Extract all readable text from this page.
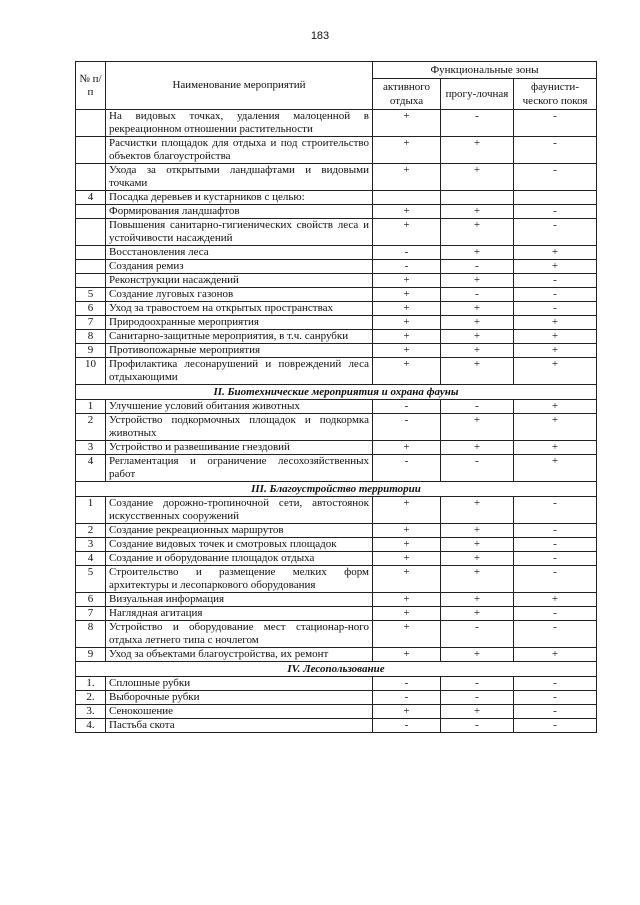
183
№ п/п	Наименование мероприятий	Функциональные зоны		
		активного отдыха	прогу-лочная	фаунисти-ческого покоя
	На видовых точках, удаления малоценной в рекреационном отношении растительности	+	-	-
	Расчистки площадок для отдыха и под строительство объектов благоустройства	+	+	-
	Ухода за открытыми ландшафтами и видовыми точками	+	+	-
4	Посадка деревьев и кустарников с целью:			
	Формирования ландшафтов	+	+	-
	Повышения санитарно-гигиенических свойств леса и устойчивости насаждений	+	+	-
	Восстановления леса	-	+	+
	Создания ремиз	-	-	+
	Реконструкции насаждений	+	+	-
5	Создание луговых газонов	+	-	-
6	Уход за травостоем на открытых пространствах	+	+	-
7	Природоохранные мероприятия	+	+	+
8	Санитарно-защитные мероприятия, в т.ч. санрубки	+	+	+
9	Противопожарные мероприятия	+	+	+
10	Профилактика лесонарушений и повреждений леса отдыхающими	+	+	+
II. Биотехнические мероприятия и охрана фауны				
1	Улучшение условий обитания животных	-	-	+
2	Устройство подкормочных площадок и подкормка животных	-	+	+
3	Устройство и развешивание гнездовий	+	+	+
4	Регламентация и ограничение лесохозяйственных работ	-	-	+
III. Благоустройство территории				
1	Создание дорожно-тропиночной сети, автостоянок искусственных сооружений	+	+	-
2	Создание рекреационных маршрутов	+	+	-
3	Создание видовых точек и смотровых площадок	+	+	-
4	Создание и оборудование площадок отдыха	+	+	-
5	Строительство и размещение мелких форм архитектуры и лесопаркового оборудования	+	+	-
6	Визуальная информация	+	+	+
7	Наглядная агитация	+	+	-
8	Устройство и оборудование мест стационар-ного отдыха летнего типа с ночлегом	+	-	-
9	Уход за объектами благоустройства, их ремонт	+	+	+
IV. Лесопользование				
1.	Сплошные рубки	-	-	-
2.	Выборочные рубки	-	-	-
3.	Сенокошение	+	+	-
4.	Пастьба скота	-	-	-
